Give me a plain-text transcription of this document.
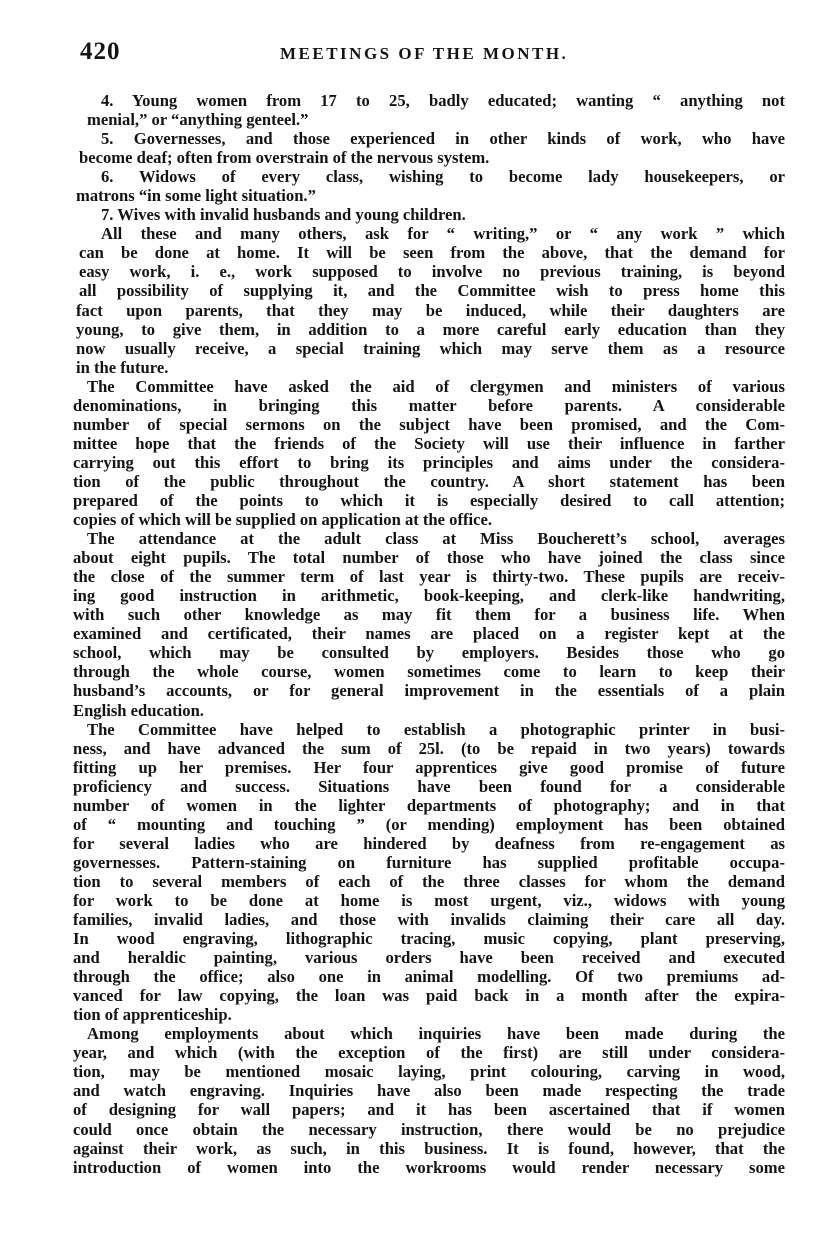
420	MEETINGS OF THE MONTH.
4. Young women from 17 to 25, badly educated; wanting “ anything not
menial,” or “anything genteel.”
5. Governesses, and those experienced in other kinds of work, who have
become deaf; often from overstrain of the nervous system.
6. Widows of every class, wishing to become lady housekeepers, or
matrons “in some light situation.”
7. Wives with invalid husbands and young children.
All these and many others, ask for “ writing,” or “ any work ” which
can be done at home. It will be seen from the above, that the demand for
easy work, i. e., work supposed to involve no previous training, is beyond
all possibility of supplying it, and the Committee wish to press home this
fact upon parents, that they may be induced, while their daughters are
young, to give them, in addition to a more careful early education than they
now usually receive, a special training which may serve them as a resource
in the future.
The Committee have asked the aid of clergymen and ministers of various
denominations, in bringing this matter before parents. A considerable
number of special sermons on the subject have been promised, and the Com-
mittee hope that the friends of the Society will use their influence in farther
carrying out this effort to bring its principles and aims under the considera-
tion of the public throughout the country. A short statement has been
prepared of the points to which it is especially desired to call attention;
copies of which will be supplied on application at the office.
The attendance at the adult class at Miss Boucherett’s school, averages
about eight pupils. The total number of those who have joined the class since
the close of the summer term of last year is thirty-two. These pupils are receiv-
ing good instruction in arithmetic, book-keeping, and clerk-like handwriting,
with such other knowledge as may fit them for a business life. When
examined and certificated, their names are placed on a register kept at the
school, which may be consulted by employers. Besides those who go
through the whole course, women sometimes come to learn to keep their
husband’s accounts, or for general improvement in the essentials of a plain
English education.
The Committee have helped to establish a photographic printer in busi-
ness, and have advanced the sum of 25l. (to be repaid in two years) towards
fitting up her premises. Her four apprentices give good promise of future
proficiency and success. Situations have been found for a considerable
number of women in the lighter departments of photography; and in that
of “ mounting and touching ” (or mending) employment has been obtained
for several ladies who are hindered by deafness from re-engagement as
governesses. Pattern-staining on furniture has supplied profitable occupa-
tion to several members of each of the three classes for whom the demand
for work to be done at home is most urgent, viz., widows with young
families, invalid ladies, and those with invalids claiming their care all day.
In wood engraving, lithographic tracing, music copying, plant preserving,
and heraldic painting, various orders have been received and executed
through the office; also one in animal modelling. Of two premiums ad-
vanced for law copying, the loan was paid back in a month after the expira-
tion of apprenticeship.
Among employments about which inquiries have been made during the
year, and which (with the exception of the first) are still under considera-
tion, may be mentioned mosaic laying, print colouring, carving in wood,
and watch engraving. Inquiries have also been made respecting the trade
of designing for wall papers; and it has been ascertained that if women
could once obtain the necessary instruction, there would be no prejudice
against their work, as such, in this business. It is found, however, that the
introduction of women into the workrooms would render necessary some
